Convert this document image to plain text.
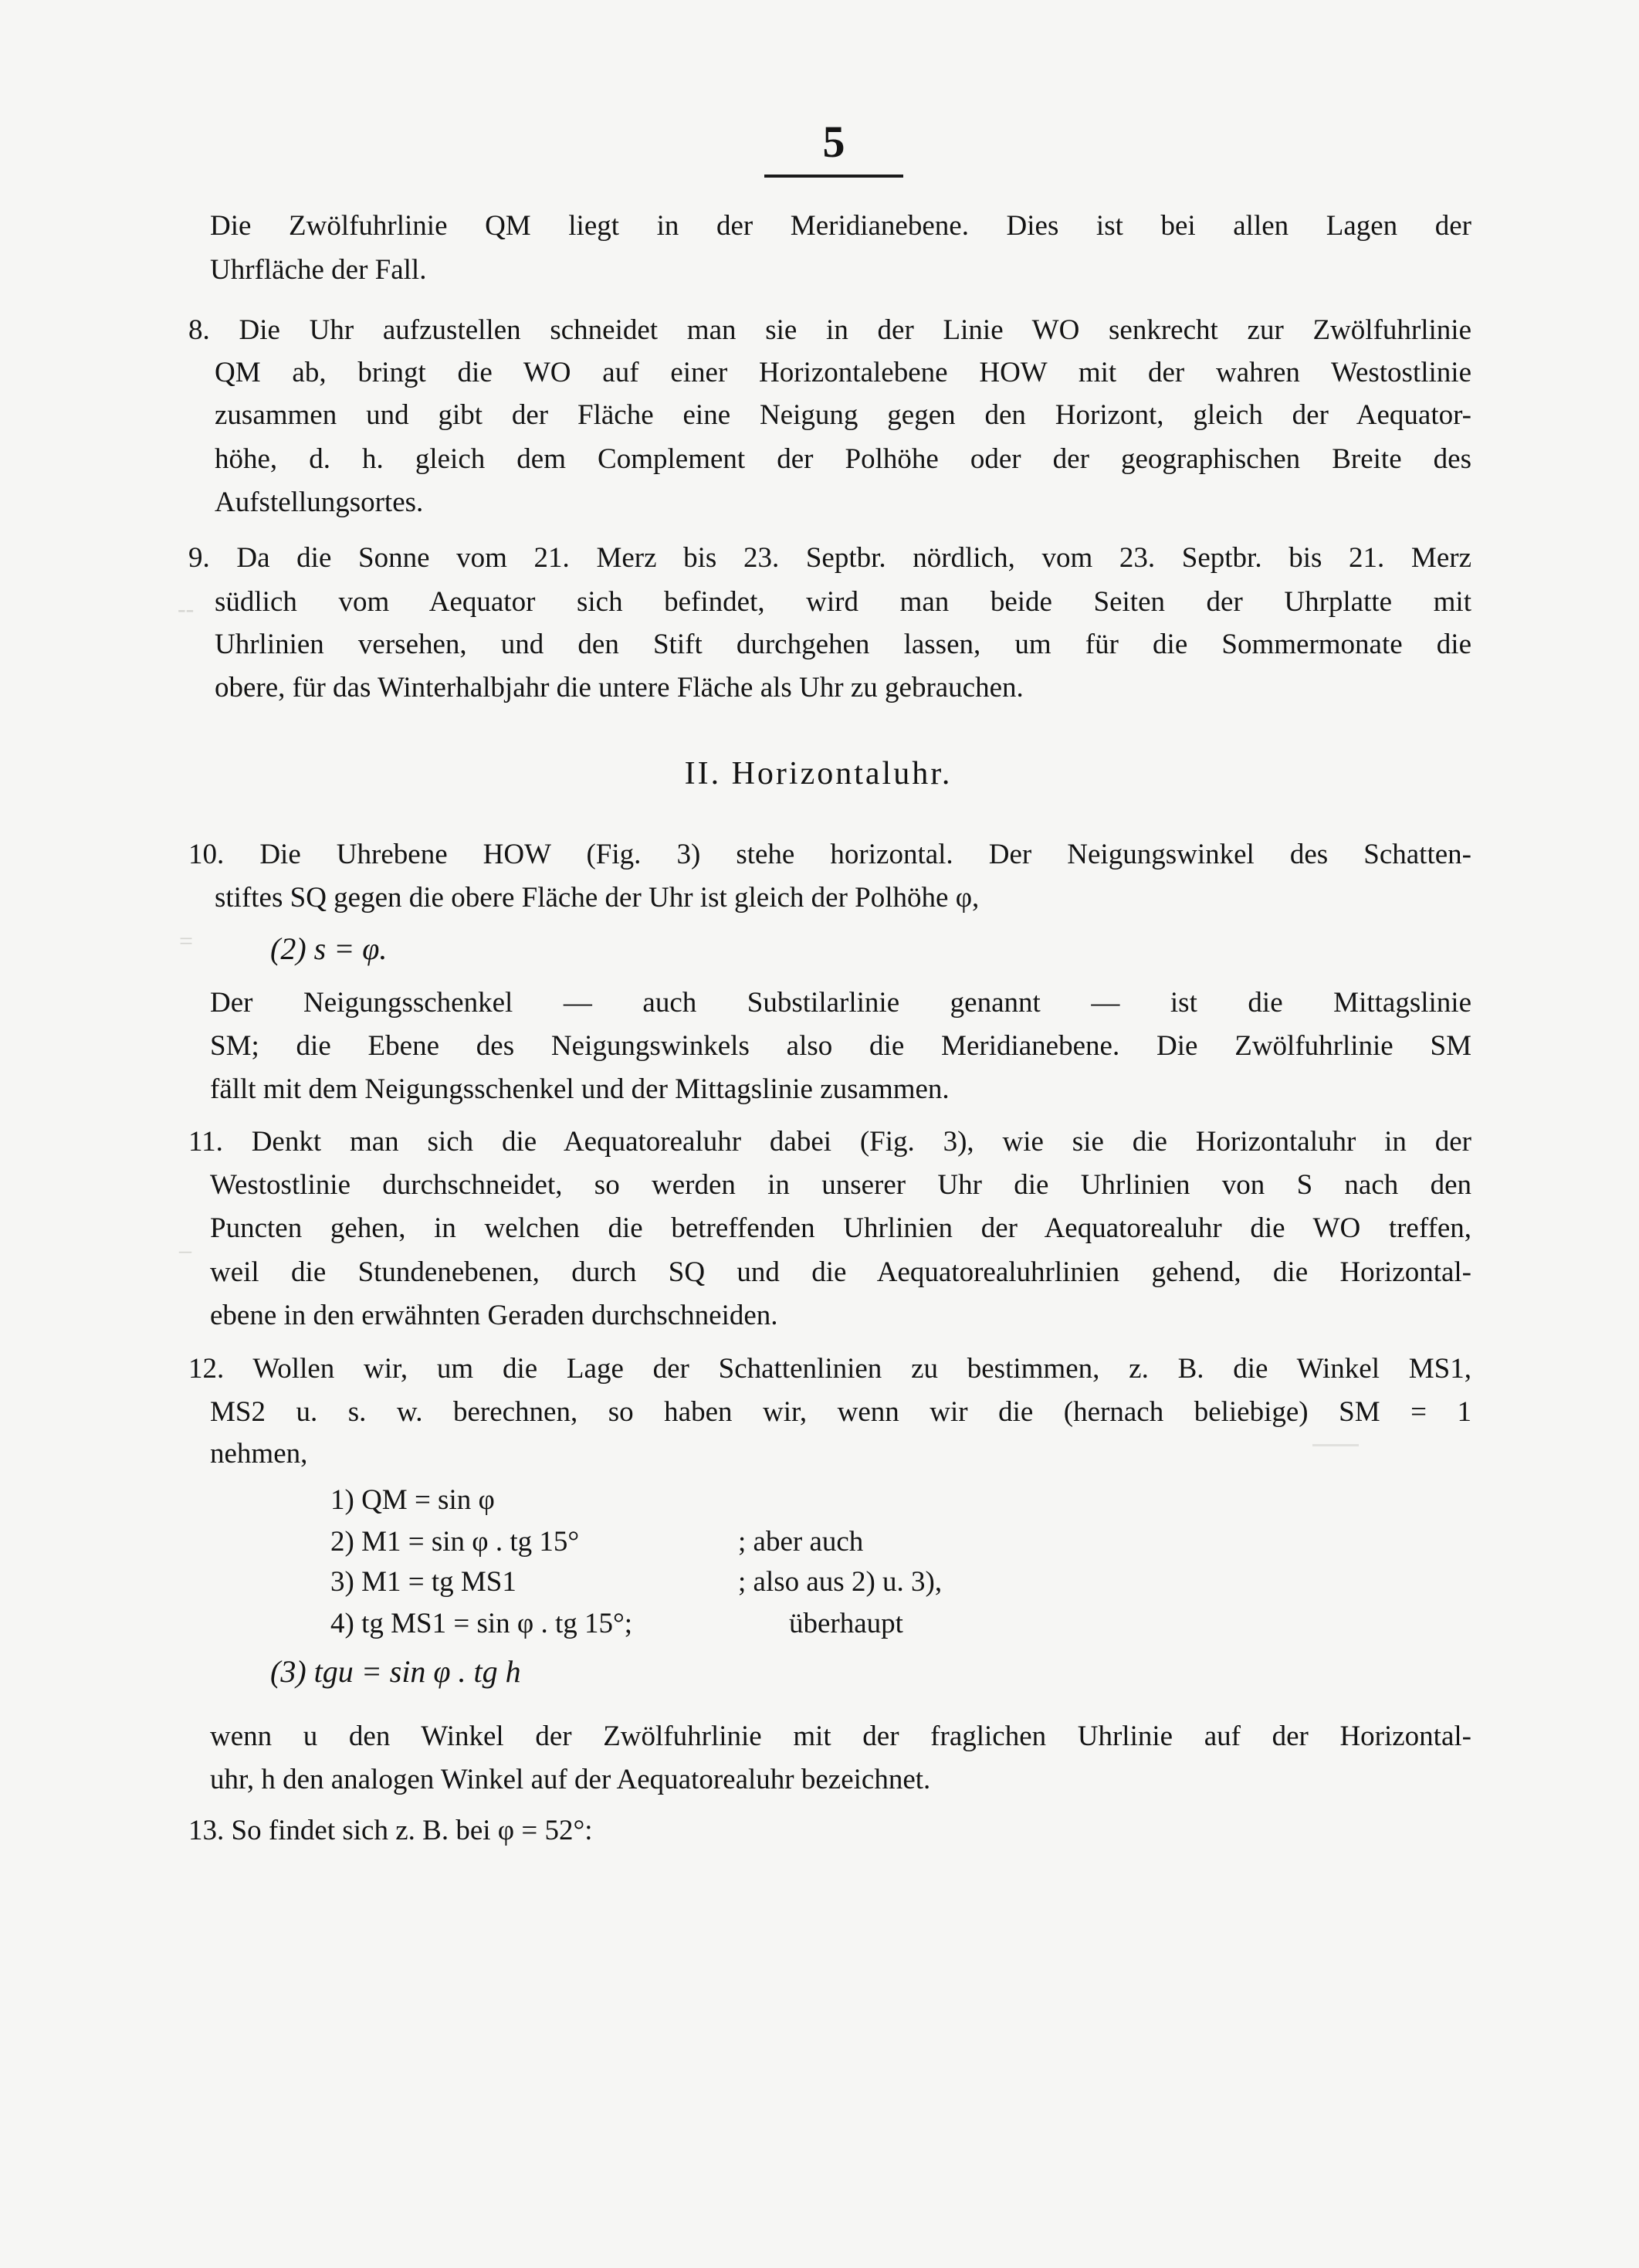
--
=
–
5
Die Zwölfuhrlinie QM liegt in der Meridianebene. Dies ist bei allen Lagen der
Uhrfläche der Fall.
8. Die Uhr aufzustellen schneidet man sie in der Linie WO senkrecht zur Zwölfuhrlinie
QM ab, bringt die WO auf einer Horizontalebene HOW mit der wahren Westostlinie
zusammen und gibt der Fläche eine Neigung gegen den Horizont, gleich der Aequator-
höhe, d. h. gleich dem Complement der Polhöhe oder der geographischen Breite des
Aufstellungsortes.
9. Da die Sonne vom 21. Merz bis 23. Septbr. nördlich, vom 23. Septbr. bis 21. Merz
südlich vom Aequator sich befindet, wird man beide Seiten der Uhrplatte mit
Uhrlinien versehen, und den Stift durchgehen lassen, um für die Sommermonate die
obere, für das Winterhalbjahr die untere Fläche als Uhr zu gebrauchen.
II. Horizontaluhr.
10. Die Uhrebene HOW (Fig. 3) stehe horizontal. Der Neigungswinkel des Schatten-
stiftes SQ gegen die obere Fläche der Uhr ist gleich der Polhöhe φ,
(2) s = φ.
Der Neigungsschenkel — auch Substilarlinie genannt — ist die Mittagslinie
SM; die Ebene des Neigungswinkels also die Meridianebene. Die Zwölfuhrlinie SM
fällt mit dem Neigungsschenkel und der Mittagslinie zusammen.
11. Denkt man sich die Aequatorealuhr dabei (Fig. 3), wie sie die Horizontaluhr in der
Westostlinie durchschneidet, so werden in unserer Uhr die Uhrlinien von S nach den
Puncten gehen, in welchen die betreffenden Uhrlinien der Aequatorealuhr die WO treffen,
weil die Stundenebenen, durch SQ und die Aequatorealuhrlinien gehend, die Horizontal-
ebene in den erwähnten Geraden durchschneiden.
12. Wollen wir, um die Lage der Schattenlinien zu bestimmen, z. B. die Winkel MS1,
MS2 u. s. w. berechnen, so haben wir, wenn wir die (hernach beliebige) SM = 1
nehmen,
1) QM = sin φ
2) M1 = sin φ . tg 15°	; aber auch
3) M1 = tg MS1	; also aus 2) u. 3),
4) tg MS1 = sin φ . tg 15°;	überhaupt
(3) tgu = sin φ . tg h
wenn u den Winkel der Zwölfuhrlinie mit der fraglichen Uhrlinie auf der Horizontal-
uhr, h den analogen Winkel auf der Aequatorealuhr bezeichnet.
13. So findet sich z. B. bei φ = 52°:
